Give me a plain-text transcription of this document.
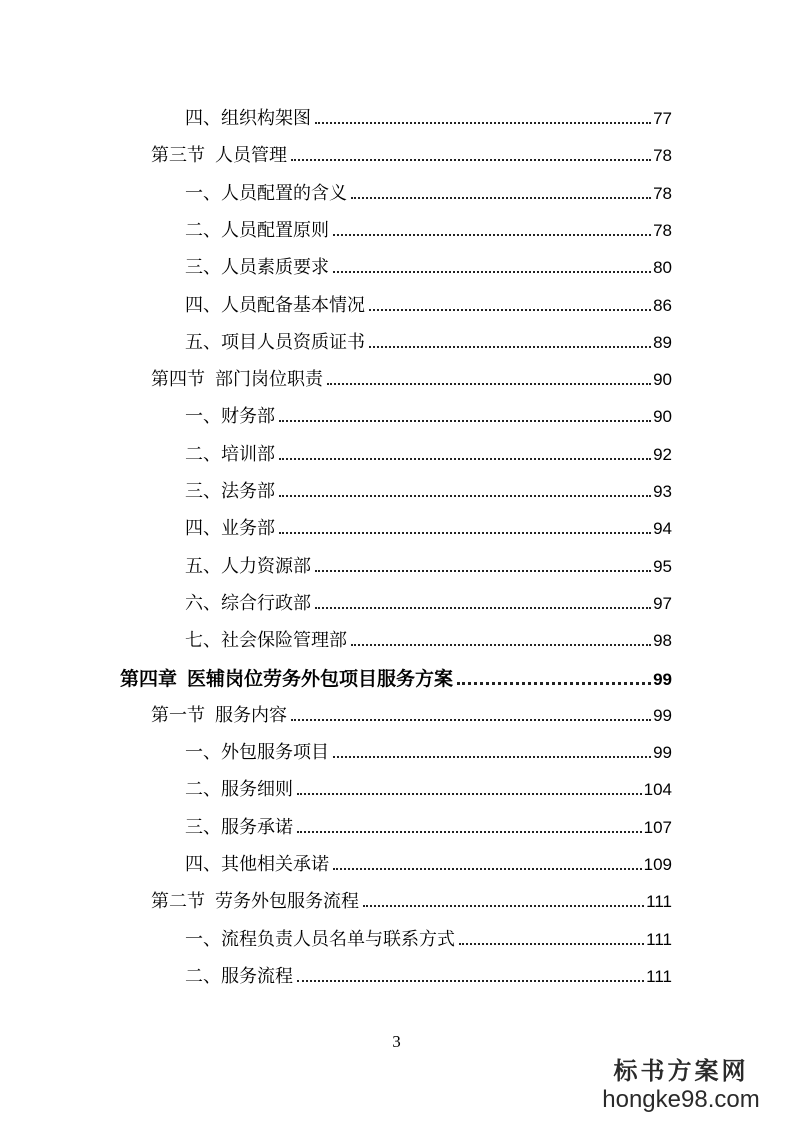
四、组织构架图	77
第三节 人员管理	78
一、人员配置的含义	78
二、人员配置原则	78
三、人员素质要求	80
四、人员配备基本情况	86
五、项目人员资质证书	89
第四节 部门岗位职责	90
一、财务部	90
二、培训部	92
三、法务部	93
四、业务部	94
五、人力资源部	95
六、综合行政部	97
七、社会保险管理部	98
第四章 医辅岗位劳务外包项目服务方案	99
第一节 服务内容	99
一、外包服务项目	99
二、服务细则	104
三、服务承诺	107
四、其他相关承诺	109
第二节 劳务外包服务流程	111
一、流程负责人员名单与联系方式	111
二、服务流程	111
3
标书方案网
hongke98.com
